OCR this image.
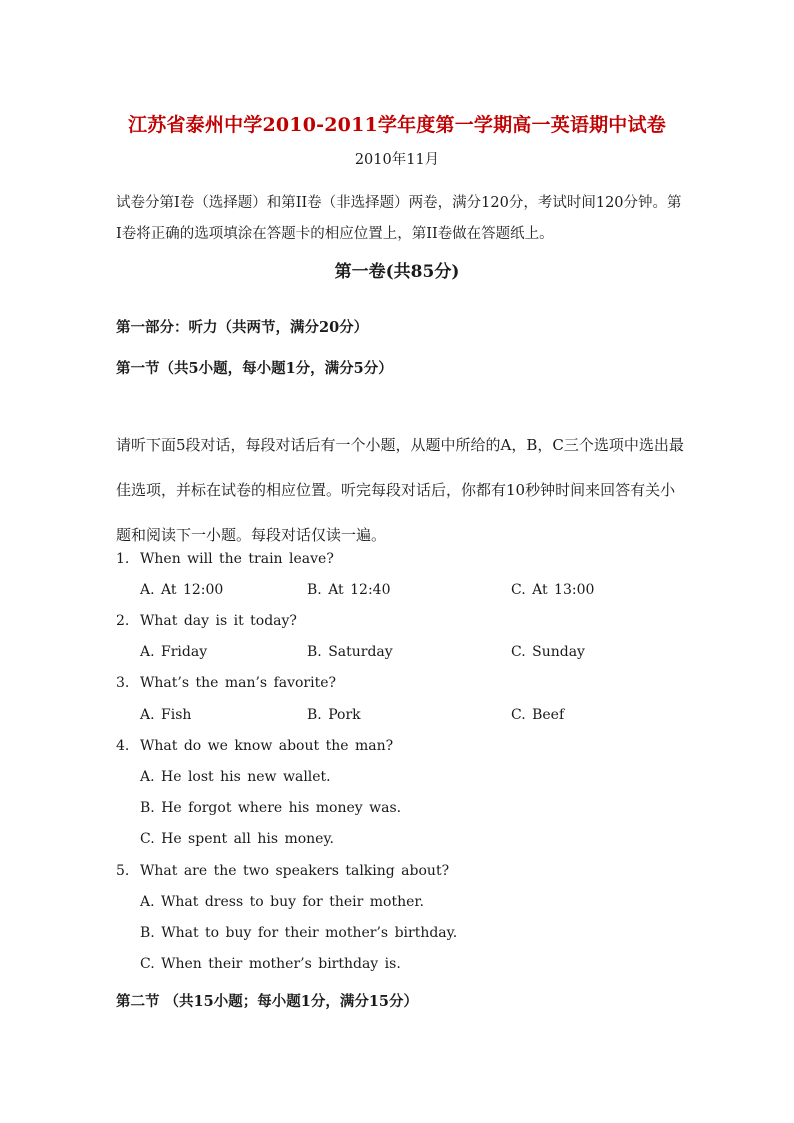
江苏省泰州中学2010-2011学年度第一学期高一英语期中试卷
2010年11月
试卷分第I卷（选择题）和第II卷（非选择题）两卷，满分120分，考试时间120分钟。第I卷将正确的选项填涂在答题卡的相应位置上，第II卷做在答题纸上。
第一卷(共85分)
第一部分：听力（共两节，满分20分）
第一节（共5小题，每小题1分，满分5分）
请听下面5段对话，每段对话后有一个小题，从题中所给的A，B，C三个选项中选出最佳选项，并标在试卷的相应位置。听完每段对话后，你都有10秒钟时间来回答有关小题和阅读下一小题。每段对话仅读一遍。
1. When will the train leave?
A. At 12:00	B. At 12:40	C. At 13:00
2. What day is it today?
A. Friday	B. Saturday	C. Sunday
3. What’s the man’s favorite?
A. Fish	B. Pork	C. Beef
4. What do we know about the man?
A. He lost his new wallet.
B. He forgot where his money was.
C. He spent all his money.
5. What are the two speakers talking about?
A. What dress to buy for their mother.
B. What to buy for their mother’s birthday.
C. When their mother’s birthday is.
第二节 （共15小题；每小题1分，满分15分）
